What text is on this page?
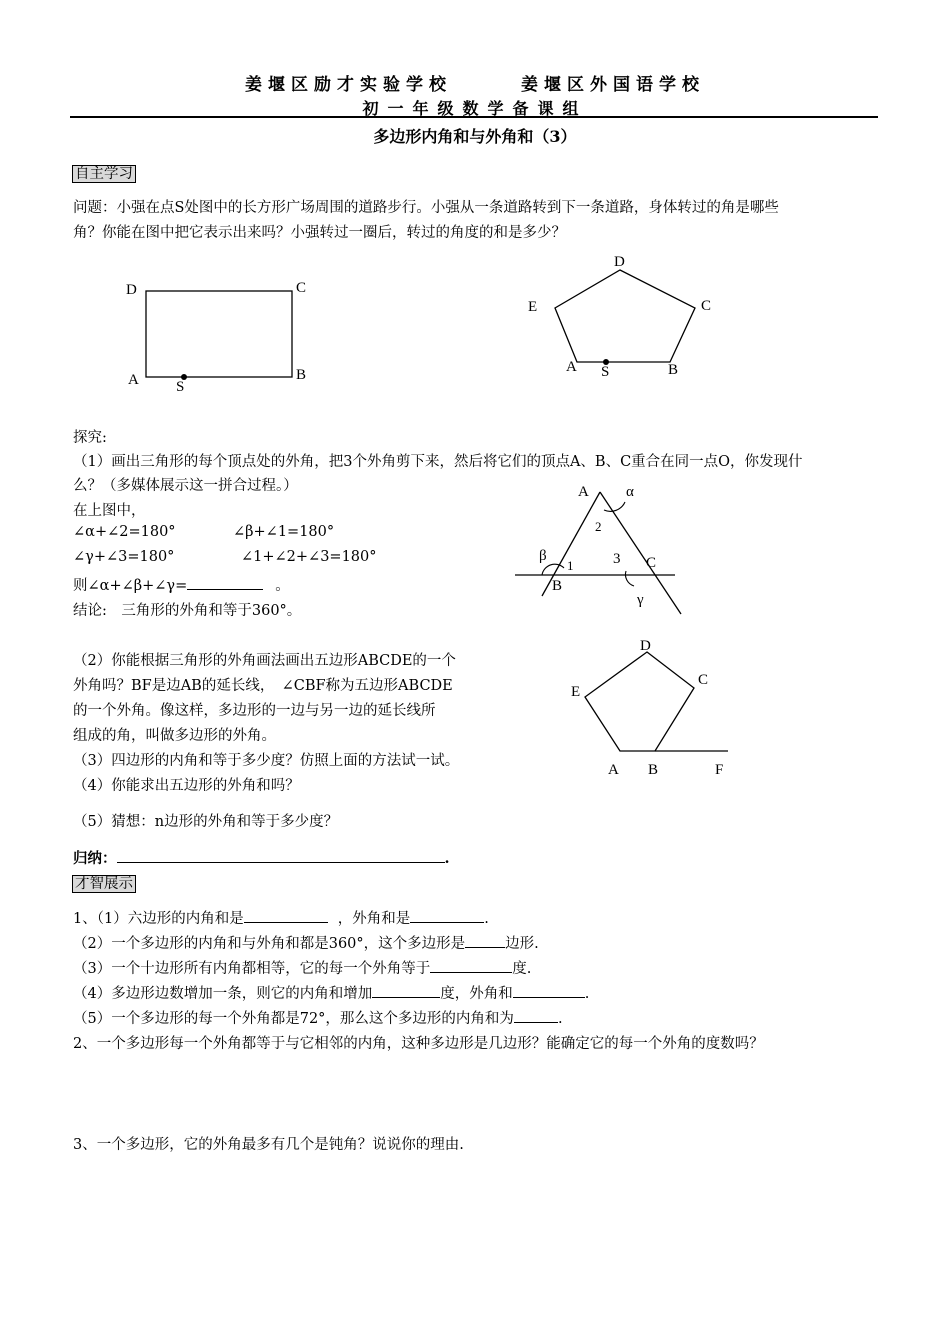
姜堰区励才实验学校　　　姜堰区外国语学校
初一年级数学备课组
多边形内角和与外角和（3）
自主学习
问题：小强在点S处图中的长方形广场周围的道路步行。小强从一条道路转到下一条道路，身体转过的角是哪些
角？你能在图中把它表示出来吗？小强转过一圈后，转过的角度的和是多少？
D	C
A	B
S
D
E	C
A S	B
探究:
（1）画出三角形的每个顶点处的外角，把3个外角剪下来，然后将它们的顶点A、B、C重合在同一点O，你发现什
么？（多媒体展示这一拼合过程。）
在上图中，
∠α+∠2=180°	∠β+∠1=180°
∠γ+∠3=180°	∠1+∠2+∠3=180°
则∠α+∠β+∠γ=	。
结论:　三角形的外角和等于360°。
A α
2
β
1	3 C
B
γ
（2）你能根据三角形的外角画法画出五边形ABCDE的一个
外角吗？BF是边AB的延长线，　∠CBF称为五边形ABCDE
的一个外角。像这样，多边形的一边与另一边的延长线所
组成的角，叫做多边形的外角。
（3）四边形的内角和等于多少度？仿照上面的方法试一试。
（4）你能求出五边形的外角和吗？
（5）猜想：n边形的外角和等于多少度？
D
E
C
A B	F
归纳：	.
才智展示
1、（1）六边形的内角和是	，外角和是	.
（2）一个多边形的内角和与外角和都是360°，这个多边形是	边形.
（3）一个十边形所有内角都相等，它的每一个外角等于	度.
（4）多边形边数增加一条，则它的内角和增加	度，外角和	.
（5）一个多边形的每一个外角都是72°，那么这个多边形的内角和为	.
2、一个多边形每一个外角都等于与它相邻的内角，这种多边形是几边形？能确定它的每一个外角的度数吗？
3、一个多边形，它的外角最多有几个是钝角？说说你的理由.
